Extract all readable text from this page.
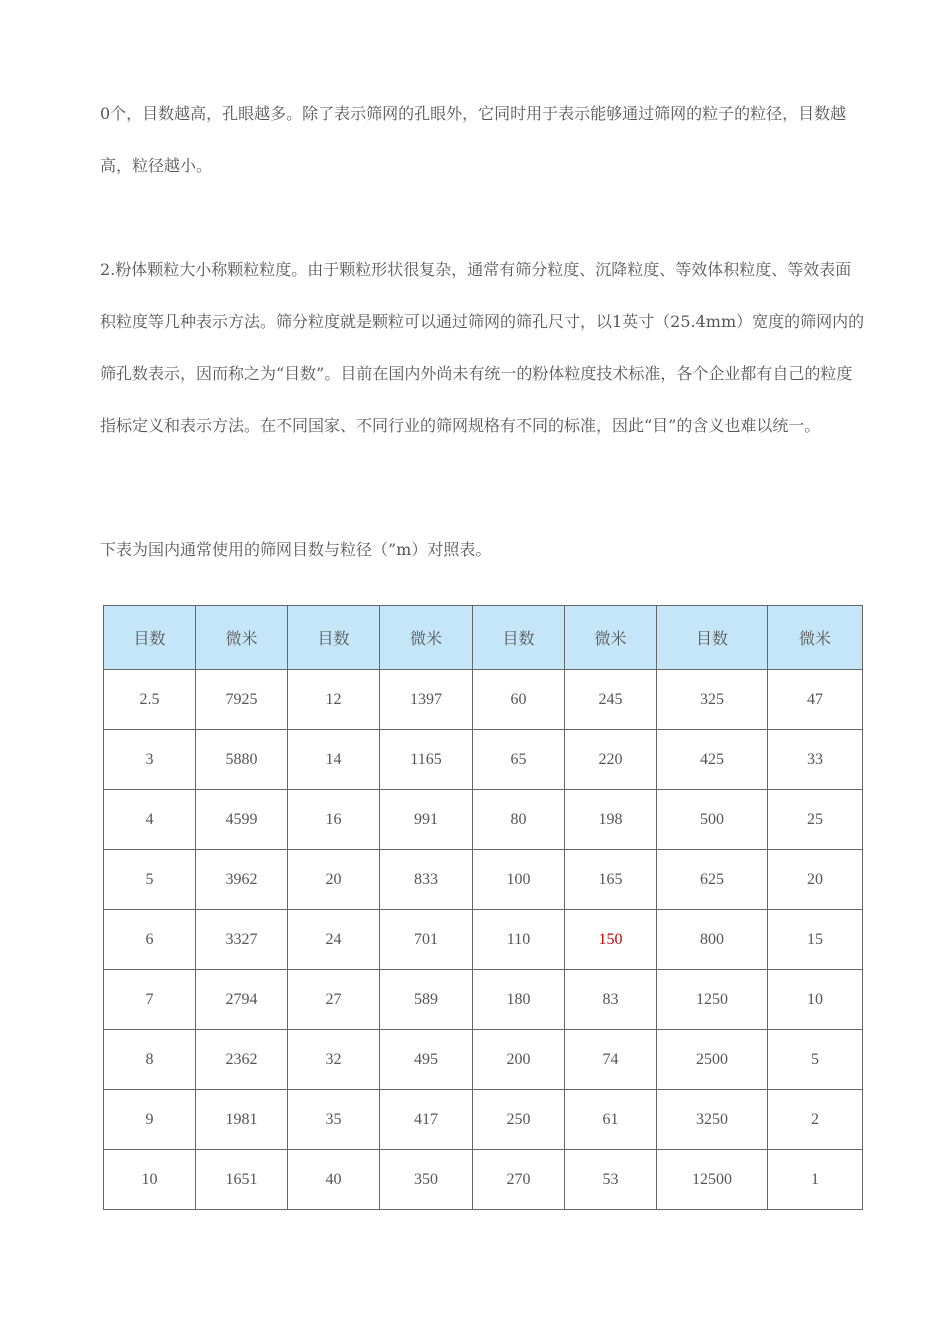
0个，目数越高，孔眼越多。除了表示筛网的孔眼外，它同时用于表示能够通过筛网的粒子的粒径，目数越高，粒径越小。

2.粉体颗粒大小称颗粒粒度。由于颗粒形状很复杂，通常有筛分粒度、沉降粒度、等效体积粒度、等效表面积粒度等几种表示方法。筛分粒度就是颗粒可以通过筛网的筛孔尺寸，以1英寸（25.4mm）宽度的筛网内的筛孔数表示，因而称之为“目数”。目前在国内外尚未有统一的粉体粒度技术标准，各个企业都有自己的粒度指标定义和表示方法。在不同国家、不同行业的筛网规格有不同的标准，因此“目”的含义也难以统一。

下表为国内通常使用的筛网目数与粒径（”m）对照表。

目数	微米	目数	微米	目数	微米	目数	微米
2.5	7925	12	1397	60	245	325	47
3	5880	14	1165	65	220	425	33
4	4599	16	991	80	198	500	25
5	3962	20	833	100	165	625	20
6	3327	24	701	110	150	800	15
7	2794	27	589	180	83	1250	10
8	2362	32	495	200	74	2500	5
9	1981	35	417	250	61	3250	2
10	1651	40	350	270	53	12500	1
